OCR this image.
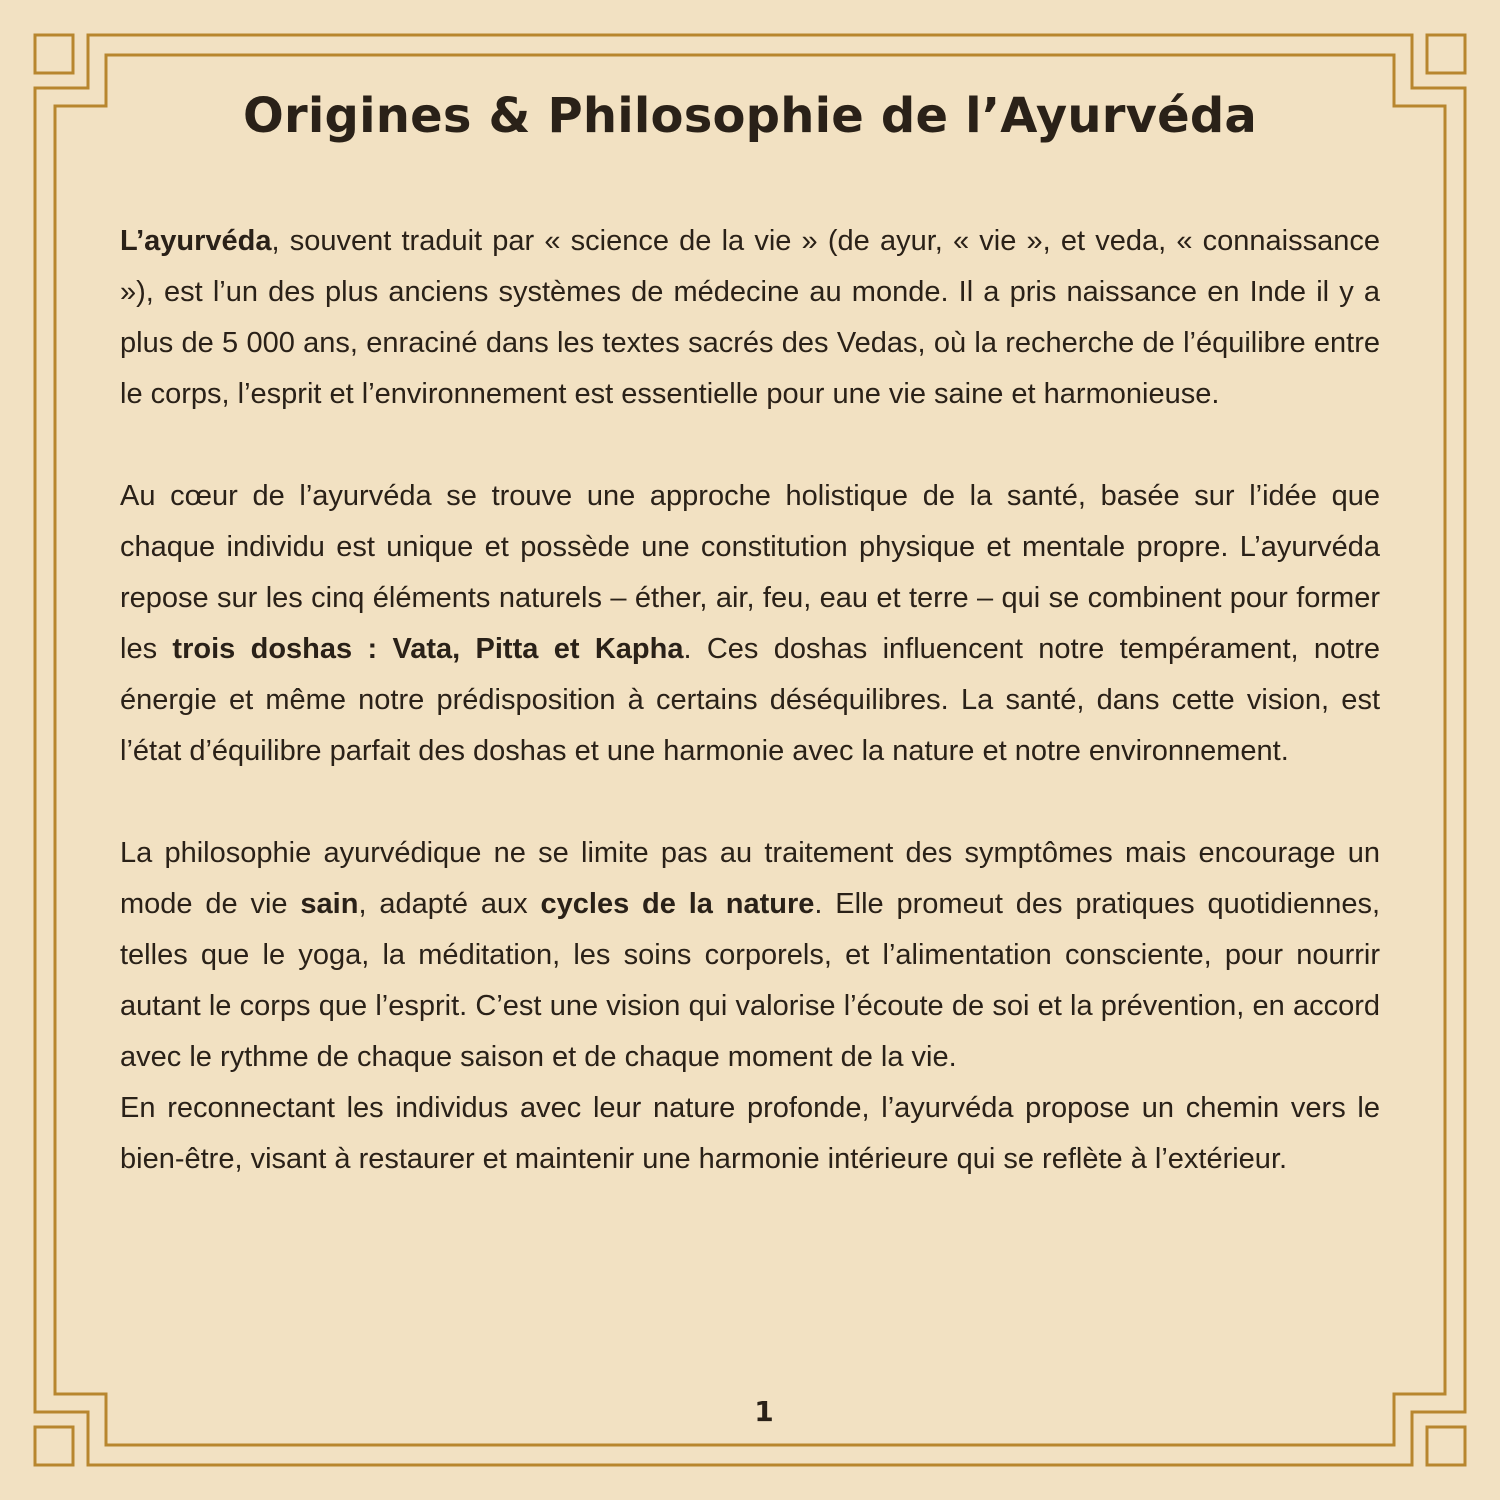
Origines & Philosophie de l’Ayurvéda

L’ayurvéda, souvent traduit par « science de la vie » (de ayur, « vie », et veda, « connaissance »), est l’un des plus anciens systèmes de médecine au monde. Il a pris naissance en Inde il y a plus de 5 000 ans, enraciné dans les textes sacrés des Vedas, où la recherche de l’équilibre entre le corps, l’esprit et l’environnement est essentielle pour une vie saine et harmonieuse.

Au cœur de l’ayurvéda se trouve une approche holistique de la santé, basée sur l’idée que chaque individu est unique et possède une constitution physique et mentale propre. L’ayurvéda repose sur les cinq éléments naturels – éther, air, feu, eau et terre – qui se combinent pour former les trois doshas : Vata, Pitta et Kapha. Ces doshas influencent notre tempérament, notre énergie et même notre prédisposition à certains déséquilibres. La santé, dans cette vision, est l’état d’équilibre parfait des doshas et une harmonie avec la nature et notre environnement.

La philosophie ayurvédique ne se limite pas au traitement des symptômes mais encourage un mode de vie sain, adapté aux cycles de la nature. Elle promeut des pratiques quotidiennes, telles que le yoga, la méditation, les soins corporels, et l’alimentation consciente, pour nourrir autant le corps que l’esprit. C’est une vision qui valorise l’écoute de soi et la prévention, en accord avec le rythme de chaque saison et de chaque moment de la vie.

En reconnectant les individus avec leur nature profonde, l’ayurvéda propose un chemin vers le bien-être, visant à restaurer et maintenir une harmonie intérieure qui se reflète à l’extérieur.

1
